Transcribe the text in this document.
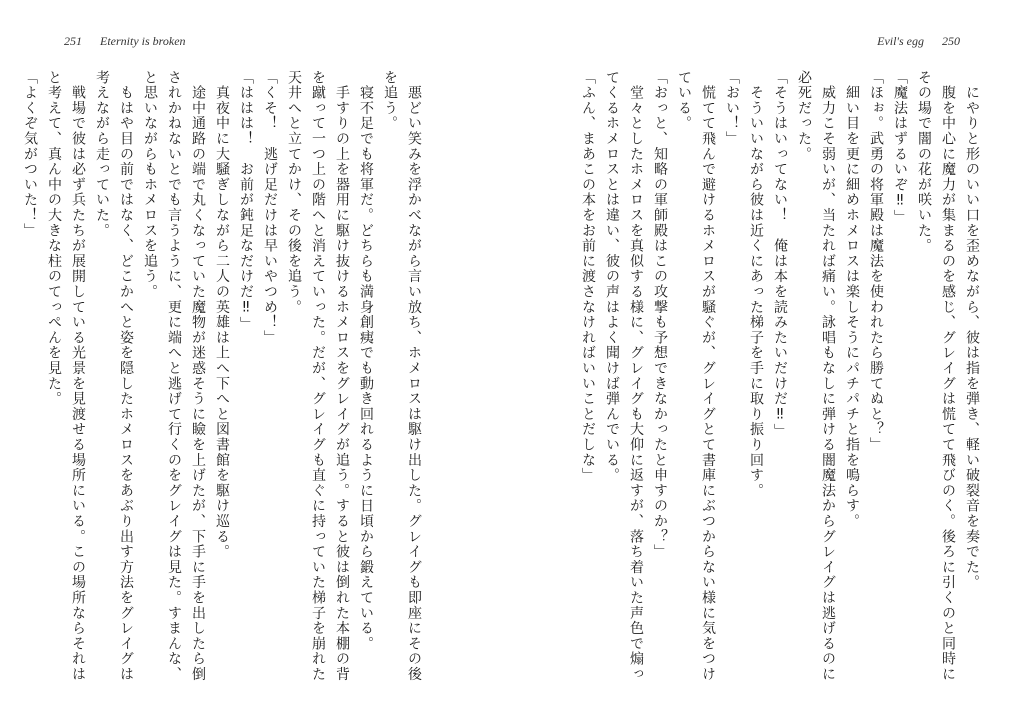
251 Eternity is broken	Evil's egg 250

　にやりと形のいい口を歪めながら、彼は指を弾き、軽い破裂音を奏でた。

　腹を中心に魔力が集まるのを感じ、グレイグは慌てて飛びのく。後ろに引くのと同時に

その場で闇の花が咲いた。

「魔法はずるいぞ‼」

「ほぉ。武勇の将軍殿は魔法を使われたら勝てぬと？」

　細い目を更に細めホメロスは楽しそうにパチパチと指を鳴らす。

　威力こそ弱いが、当たれば痛い。詠唱もなしに弾ける闇魔法からグレイグは逃げるのに

必死だった。

「そうはいってない！　俺は本を読みたいだけだ‼」

　そういいながら彼は近くにあった梯子を手に取り振り回す。

「おい！」

　慌てて飛んで避けるホメロスが騒ぐが、グレイグとて書庫にぶつからない様に気をつけ

ている。

「おっと、知略の軍師殿はこの攻撃も予想できなかったと申すのか？」

　堂々としたホメロスを真似する様に、グレイグも大仰に返すが、落ち着いた声色で煽っ

てくるホメロスとは違い、彼の声はよく聞けば弾んでいる。

「ふん、まあこの本をお前に渡さなければいいことだしな」

　悪どい笑みを浮かべながら言い放ち、ホメロスは駆け出した。グレイグも即座にその後

を追う。

　寝不足でも将軍だ。どちらも満身創痍でも動き回れるように日頃から鍛えている。

　手すりの上を器用に駆け抜けるホメロスをグレイグが追う。すると彼は倒れた本棚の背

を蹴って一つ上の階へと消えていった。だが、グレイグも直ぐに持っていた梯子を崩れた

天井へと立てかけ、その後を追う。

「くそ！　逃げ足だけは早いやつめ！」

「ははは！　お前が鈍足なだけだ‼」

　真夜中に大騒ぎしながら二人の英雄は上へ下へと図書館を駆け巡る。

　途中通路の端で丸くなっていた魔物が迷惑そうに瞼を上げたが、下手に手を出したら倒

されかねないとでも言うように、更に端へと逃げて行くのをグレイグは見た。すまんな、

と思いながらもホメロスを追う。

　もはや目の前ではなく、どこかへと姿を隠したホメロスをあぶり出す方法をグレイグは

考えながら走っていた。

　戦場で彼は必ず兵たちが展開している光景を見渡せる場所にいる。この場所ならそれは

と考えて、真ん中の大きな柱のてっぺんを見た。

「よくぞ気がついた！」
